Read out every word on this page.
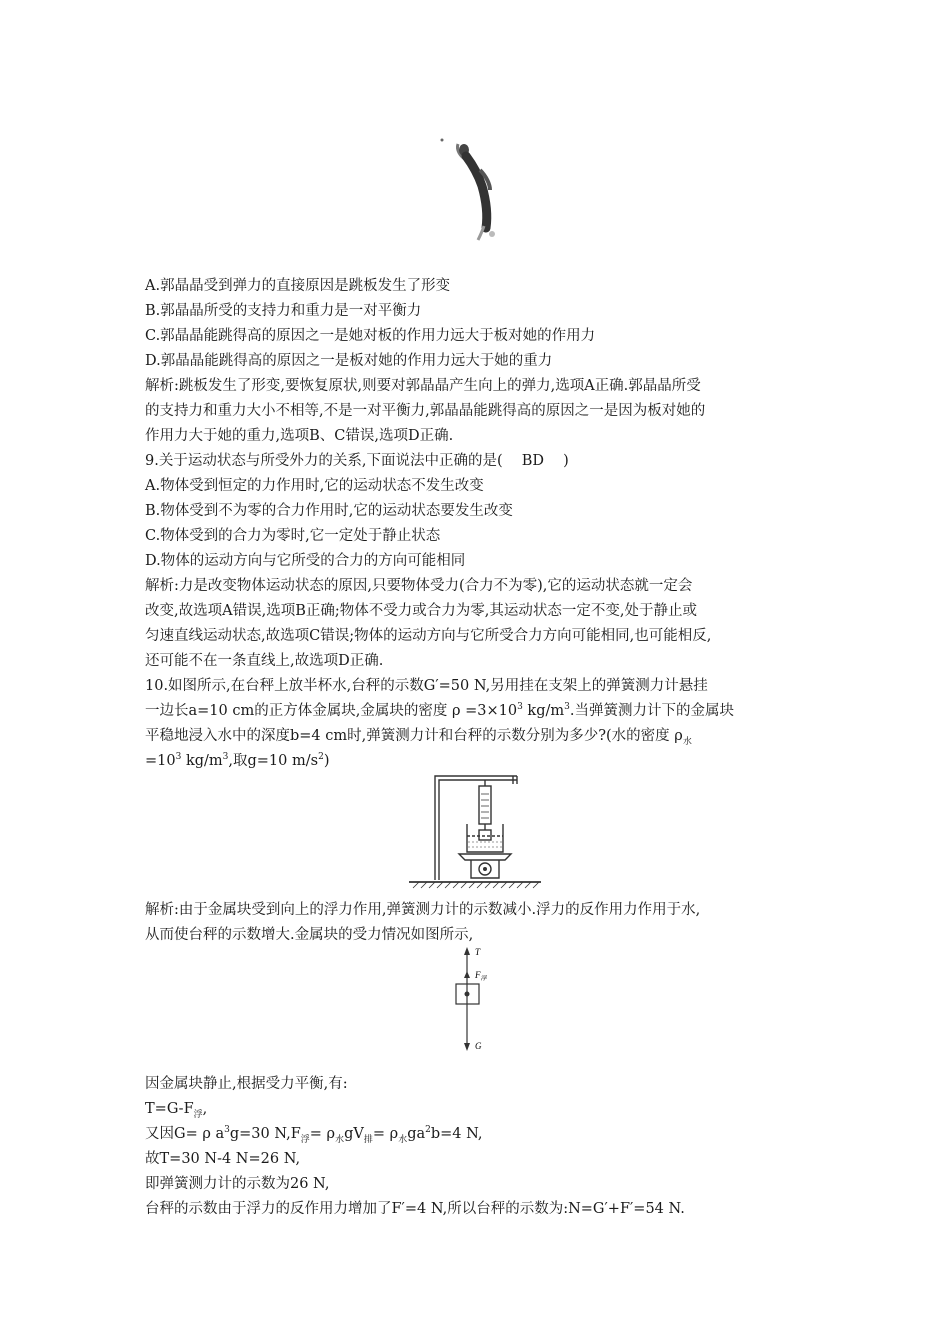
A.郭晶晶受到弹力的直接原因是跳板发生了形变
B.郭晶晶所受的支持力和重力是一对平衡力
C.郭晶晶能跳得高的原因之一是她对板的作用力远大于板对她的作用力
D.郭晶晶能跳得高的原因之一是板对她的作用力远大于她的重力
解析:跳板发生了形变,要恢复原状,则要对郭晶晶产生向上的弹力,选项A正确.郭晶晶所受
的支持力和重力大小不相等,不是一对平衡力,郭晶晶能跳得高的原因之一是因为板对她的
作用力大于她的重力,选项B、C错误,选项D正确.
9.关于运动状态与所受外力的关系,下面说法中正确的是(　 BD　 )
A.物体受到恒定的力作用时,它的运动状态不发生改变
B.物体受到不为零的合力作用时,它的运动状态要发生改变
C.物体受到的合力为零时,它一定处于静止状态
D.物体的运动方向与它所受的合力的方向可能相同
解析:力是改变物体运动状态的原因,只要物体受力(合力不为零),它的运动状态就一定会
改变,故选项A错误,选项B正确;物体不受力或合力为零,其运动状态一定不变,处于静止或
匀速直线运动状态,故选项C错误;物体的运动方向与它所受合力方向可能相同,也可能相反,
还可能不在一条直线上,故选项D正确.
10.如图所示,在台秤上放半杯水,台秤的示数G′=50 N,另用挂在支架上的弹簧测力计悬挂
一边长a=10 cm的正方体金属块,金属块的密度 $\rho =3\times 10^3$ $kg/m^3$.当弹簧测力计下的金属块
平稳地浸入水中的深度b=4 cm时,弹簧测力计和台秤的示数分别为多少?(水的密度 $\rho_水$
$=10^3$ $kg/m^3$,取g=10 $m/s^2$)
解析:由于金属块受到向上的浮力作用,弹簧测力计的示数减小.浮力的反作用力作用于水,
从而使台秤的示数增大.金属块的受力情况如图所示,
T
$F_浮$
G
因金属块静止,根据受力平衡,有:
$T=G-F_浮$,
又因G= ρ $a^3g=30$ $N,F_浮= \rho_水gV_排= \rho_水ga^2b=4$ N,
故T=30 N-4 N=26 N,
即弹簧测力计的示数为26 N,
台秤的示数由于浮力的反作用力增加了F′=4 N,所以台秤的示数为:N=G′+F′=54 N.
